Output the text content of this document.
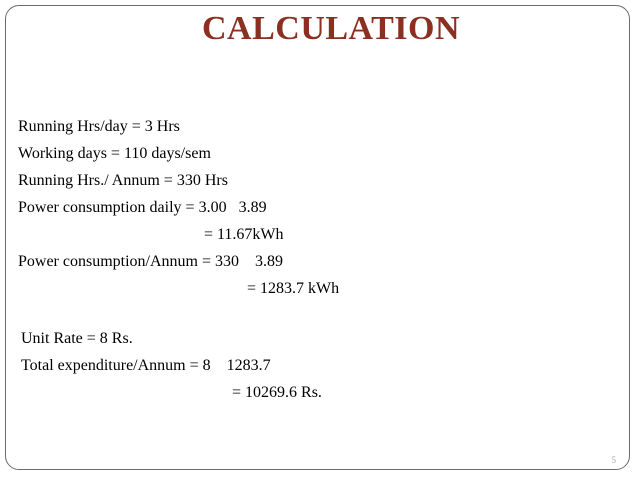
CALCULATION
Running Hrs/day = 3 Hrs
Working days = 110 days/sem
Running Hrs./ Annum = 330 Hrs
Power consumption daily = 3.00   3.89
= 11.67kWh
Power consumption/Annum = 330    3.89
= 1283.7 kWh
Unit Rate = 8 Rs.
Total expenditure/Annum = 8    1283.7
= 10269.6 Rs.
5
